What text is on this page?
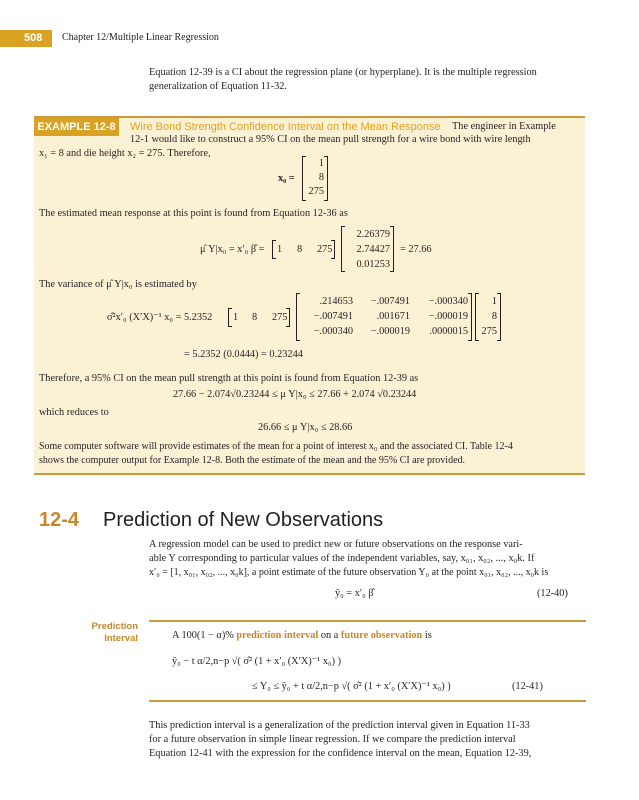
508 Chapter 12/Multiple Linear Regression
Equation 12-39 is a CI about the regression plane (or hyperplane). It is the multiple regression
generalization of Equation 11-32.
EXAMPLE 12-8	Wire Bond Strength Confidence Interval on the Mean Response The engineer in Example
12-1 would like to construct a 95% CI on the mean pull strength for a wire bond with wire length
x₁ = 8 and die height x₂ = 275. Therefore,
x₀ =
1
8
275
The estimated mean response at this point is found from Equation 12-36 as
μ̂ Y|x₀ = x′₀ β̂ = 1 8 275
2.26379
2.74427
0.01253
= 27.66
The variance of μ̂ Y|x₀ is estimated by
σ̂²x′₀ (X′X)⁻¹ x₀ = 5.2352 1 8 275
.214653	−.007491	−.000340
−.007491	.001671	−.000019
−.000340	−.000019	.0000015
1
8
275
= 5.2352 (0.0444) = 0.23244
Therefore, a 95% CI on the mean pull strength at this point is found from Equation 12-39 as
27.66 − 2.074√0.23244 ≤ μ Y|x₀ ≤ 27.66 + 2.074 √0.23244
which reduces to
26.66 ≤ μ Y|x₀ ≤ 28.66
Some computer software will provide estimates of the mean for a point of interest x₀ and the associated CI. Table 12-4
shows the computer output for Example 12-8. Both the estimate of the mean and the 95% CI are provided.
12-4 Prediction of New Observations
A regression model can be used to predict new or future observations on the response vari-
able Y corresponding to particular values of the independent variables, say, x₀₁, x₀₂, ..., x₀k. If
x′₀ = [1, x₀₁, x₀₂, ..., x₀k], a point estimate of the future observation Y₀ at the point x₀₁, x₀₂, ..., x₀k is
ŷ₀ = x′₀ β̂	(12-40)
Prediction
Interval	A 100(1 − α)% prediction interval on a future observation is
ŷ₀ − t α/2,n−p √( σ̂² (1 + x′₀ (X′X)⁻¹ x₀) )
≤ Y₀ ≤ ŷ₀ + t α/2,n−p √( σ̂² (1 + x′₀ (X′X)⁻¹ x₀) )	(12-41)
This prediction interval is a generalization of the prediction interval given in Equation 11-33
for a future observation in simple linear regression. If we compare the prediction interval
Equation 12-41 with the expression for the confidence interval on the mean, Equation 12-39,
